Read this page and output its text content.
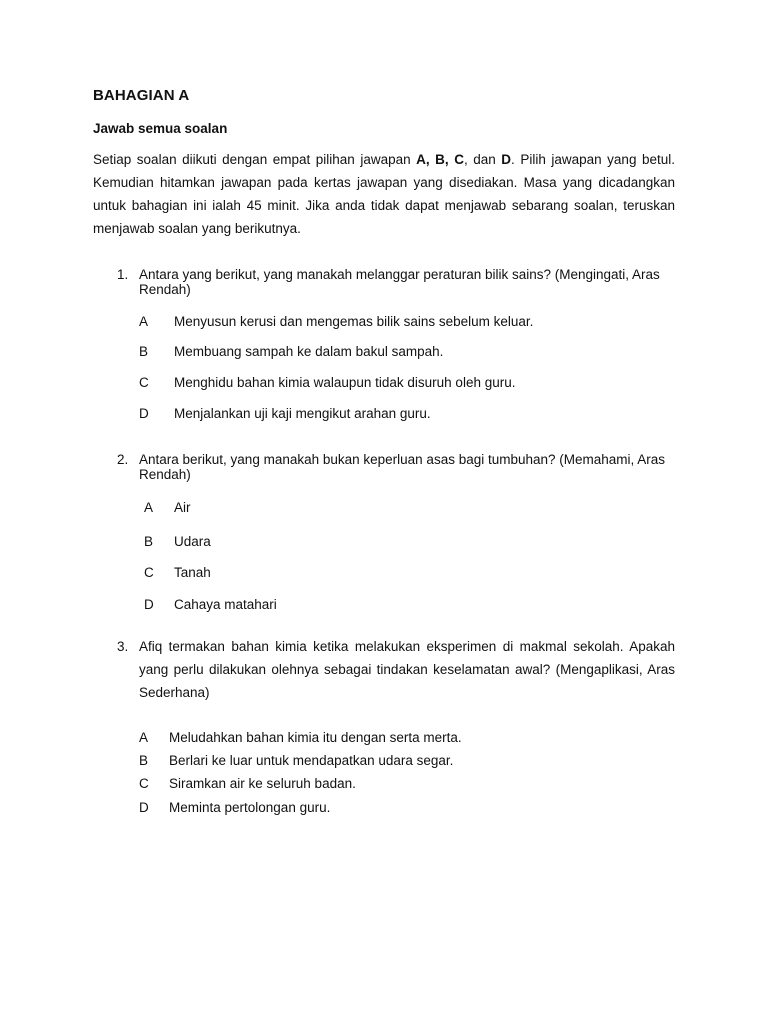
BAHAGIAN A

Jawab semua soalan

Setiap soalan diikuti dengan empat pilihan jawapan A, B, C, dan D. Pilih jawapan yang betul. Kemudian hitamkan jawapan pada kertas jawapan yang disediakan. Masa yang dicadangkan untuk bahagian ini ialah 45 minit. Jika anda tidak dapat menjawab sebarang soalan, teruskan menjawab soalan yang berikutnya.

1. Antara yang berikut, yang manakah melanggar peraturan bilik sains? (Mengingati, Aras Rendah)
A Menyusun kerusi dan mengemas bilik sains sebelum keluar.
B Membuang sampah ke dalam bakul sampah.
C Menghidu bahan kimia walaupun tidak disuruh oleh guru.
D Menjalankan uji kaji mengikut arahan guru.
2. Antara berikut, yang manakah bukan keperluan asas bagi tumbuhan? (Memahami, Aras Rendah)
A Air
B Udara
C Tanah
D Cahaya matahari
3. Afiq termakan bahan kimia ketika melakukan eksperimen di makmal sekolah. Apakah yang perlu dilakukan olehnya sebagai tindakan keselamatan awal? (Mengaplikasi, Aras Sederhana)
A Meludahkan bahan kimia itu dengan serta merta.
B Berlari ke luar untuk mendapatkan udara segar.
C Siramkan air ke seluruh badan.
D Meminta pertolongan guru.
